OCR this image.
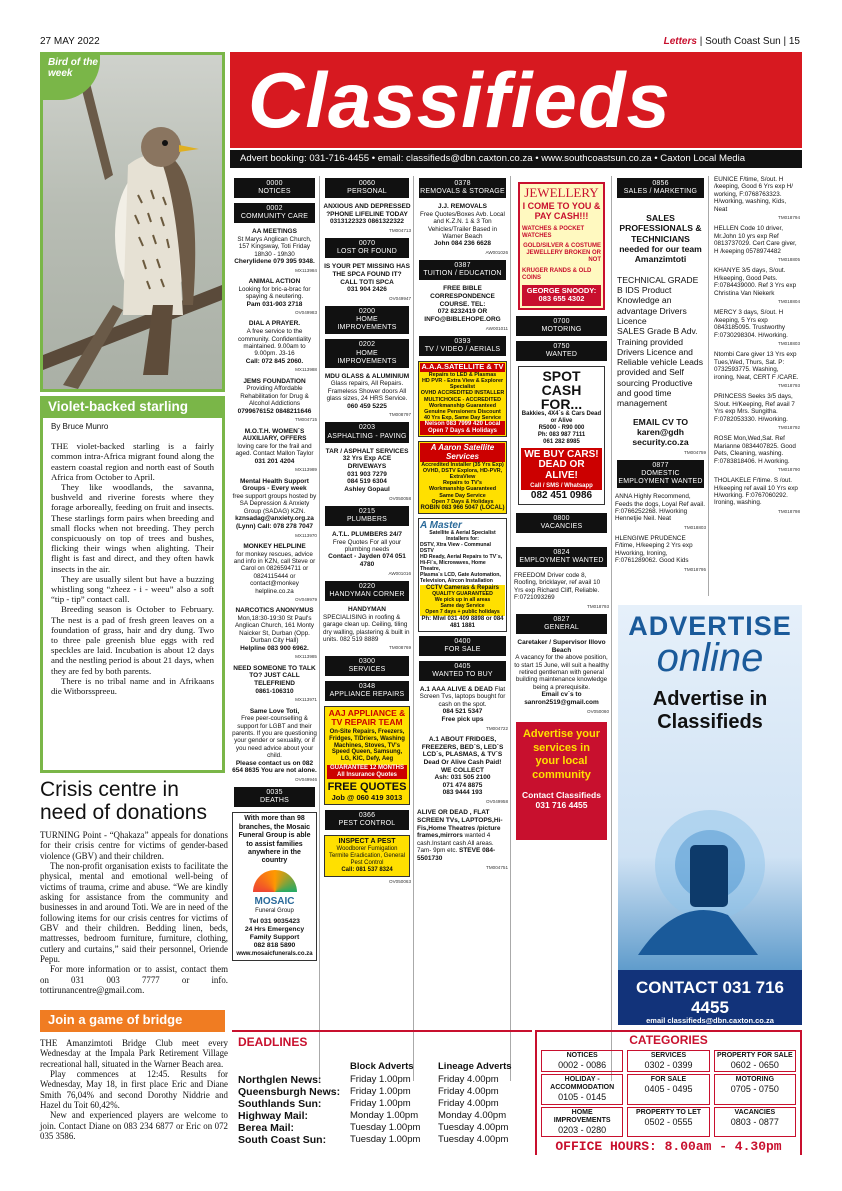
27 MAY 2022	Letters | South Coast Sun | 15
Bird of the week
Violet-backed starling
By Bruce Munro
THE violet-backed starling is a fairly common intra-Africa migrant found along the eastern coastal region and north east of South Africa from October to April.
They like woodlands, the savanna, bushveld and riverine forests where they forage arboreally, feeding on fruit and insects. These starlings form pairs when breeding and small flocks when not breeding. They perch conspicuously on top of trees and bushes, flicking their wings when alighting. Their flight is fast and direct, and they often hawk insects in the air.
They are usually silent but have a buzzing whistling song “zheez - i - weeu” also a soft “tip - tip” contact call.
Breeding season is October to February. The nest is a pad of fresh green leaves on a foundation of grass, hair and dry dung. Two to three pale greenish blue eggs with red speckles are laid. Incubation is about 12 days and the nestling period is about 21 days, when they are fed by both parents.
There is no tribal name and in Afrikaans die Witborsspreeu.
Crisis centre in need of donations
TURNING Point - “Qhakaza” appeals for donations for their crisis centre for victims of gender-based violence (GBV) and their children.
The non-profit organisation exists to facilitate the physical, mental and emotional well-being of victims of trauma, crime and abuse. “We are kindly asking for assistance from the community and businesses in and around Toti. We are in need of the following items for our crisis centres for victims of GBV and their children. Bedding linen, beds, mattresses, bedroom furniture, furniture, clothing, cutlery and curtains,” said their personnel, Oriende Pepu.
For more information or to assist, contact them on 031 003 7777 or info. tottirunancentre@gmail.com.
Join a game of bridge
THE Amanzimtoti Bridge Club meet every Wednesday at the Impala Park Retirement Village recreational hall, situated in the Warner Beach area.
Play commences at 12:45. Results for Wednesday, May 18, in first place Eric and Diane Smith 76,04% and second Dorothy Niddrie and Hazel du Toit 60,42%.
New and experienced players are welcome to join. Contact Diane on 083 234 6877 or Eric on 072 035 3586.
Classifieds
Advert booking: 031-716-4455 • email: classifieds@dbn.caxton.co.za • www.southcoastsun.co.za • Caxton Local Media
0000
NOTICES
0002
COMMUNITY CARE
AA MEETINGS
St Marys Anglican Church, 157 Kingsway, Toti Friday 18h30 - 19h30
Cherylidene 079 395 9348.
MX113984
ANIMAL ACTION
Looking for bric-a-brac for spaying & neutering.
Pam 031-903 2718
OV049983
DIAL A PRAYER.
A free service to the community. Confidentiality maintained. 9.00am to 9.00pm. J3-16
Call: 072 845 2060.
MX113988
JEMS FOUNDATION
Providing Affordable Rehabilitation for Drug & Alcohol Addictions
0799676152 0848211646
TM004715
M.O.T.H. WOMEN`S AUXILIARY, OFFERS
loving care for the frail and aged. Contact Mallon Taylor
031 201 4204
MX113989
Mental Health Support Groups - Every week
free support groups hosted by SA Depression & Anxiety Group (SADAG) KZN.
kznsadag@anxiety.org.za (Lynn) Call: 078 278 7047
MX113970
MONKEY HELPLINE
for monkey rescues, advice and info in KZN, call Steve or Carol on 0826594711 or 0824115444 or contact@monkey helpline.co.za
OV049979
NARCOTICS ANONYMUS
Mon,18:30-19:30 St Paul's Anglican Church, 161 Monty Naicker St, Durban (Opp. Durban City Hall)
Helpline 083 900 6962.
MX113985
NEED SOMEONE TO TALK TO? JUST CALL TELEFRIEND
0861-106310
MX113971
Same Love Toti,
Free peer-counselling & support for LGBT and their parents. If you are questioning your gender or sexuality, or if you need advice about your child.
Please contact us on 082 654 8635 You are not alone.
OV049946
0035
DEATHS
With more than 98 branches, the Mosaic Funeral Group is able to assist families anywhere in the country
MOSAIC
Funeral Group
Tel 031 9035423
24 Hrs Emergency Family Support
082 818 5890
www.mosaicfunerals.co.za
0060
PERSONAL
ANXIOUS AND DEPRESSED ?PHONE LIFELINE TODAY
0313122323 0861322322
TM004713
0070
LOST OR FOUND
IS YOUR PET MISSING HAS THE SPCA FOUND IT? CALL TOTI SPCA
031 904 2426
OV049947
0200
HOME IMPROVEMENTS
0202
HOME IMPROVEMENTS
MDU GLASS & ALUMINIUM
Glass repairs, All Repairs. Frameless Shower doors All glass sizes, 24 HRS Service. 060 459 5225
TM008797
0203
ASPHALTING - PAVING
TAR / ASPHALT SERVICES 32 Yrs Exp ACE DRIVEWAYS
031 903 7279
084 519 6304
Ashley Gopaul
OV050058
0215
PLUMBERS
A.T.L. PLUMBERS 24/7
Free Quotes For all your plumbing needs
Contact - Jayden 074 051 4780
AW001016
0220
HANDYMAN CORNER
HANDYMAN
SPECIALISING in roofing & garage clean up. Ceiling, tiling dry walling, plastering & built in units. 082 519 8889
TM008769
0300
SERVICES
0348
APPLIANCE REPAIRS
AAJ APPLIANCE & TV REPAIR TEAM
On-Site Repairs, Freezers, Fridges, T/Driers, Washing Machines, Stoves, TV's
Speed Queen, Samsung, LG, KIC, Defy, Aeg
GUARANTEE 12 MONTHS
All Insurance Quotes
FREE QUOTES
Job @ 060 419 3013
0366
PEST CONTROL
INSPECT A PEST
Woodborer Fumigation Termite Eradication, General Pest Control
Call: 081 537 8324
OV050063
0378
REMOVALS & STORAGE
J.J. REMOVALS
Free Quotes/Boxes Avb. Local and K.Z.N. 1 & 3 Ton Vehicles/Trailer Based in Warner Beach
John 084 236 6628
AW001026
0387
TUITION / EDUCATION
FREE BIBLE CORRESPONDENCE COURSE. TEL:
072 8232419 OR INFO@BIBLEHOPE.ORG
AW001011
0393
TV / VIDEO / AERIALS
A.A.A.SATELLITE & TV
Repairs to LED & Plasmas
HD PVR - Extra View & Explorer Specialist
OVHD ACCREDITED INSTALLER
MULTICHOICE - ACCREDITED
Workmanship Guaranteed
Genuine Pensioners Discount
40 Yrs Exp, Same Day Service
Nelson 083 7999 420 Local
Open 7 Days & Holidays
A Aaron Satellite Services
Accredited Installer (35 Yrs Exp)
OVHD, DSTV Explora, HD-PVR, ExtraView
Repairs to TV's
Workmanship Guaranteed
Same Day Service
Open 7 Days & Holidays
ROBIN 083 966 5047 (LOCAL)
A Master
Satellite & Aerial Specialist Installers for:
DSTV, Xtra View - Communal DSTV
HD Ready, Aerial Repairs to TV`s,
Hi-Fi`s, Microwaves, Home Theatre,
Plasma`s LCD, Gate Automation,
Television, Aircon Installation
CCTV Cameras & Repairs
QUALITY GUARANTEED
We pick up in all areas
Same day Service
Open 7 days + public holidays
Ph: Mlwl 031 409 8898 or 084 481 1881
0400
FOR SALE
0405
WANTED TO BUY
A.1 AAA ALIVE & DEAD Flat Screen Tvs, laptops bought for cash on the spot.
084 521 5347
Free pick ups
TM004722
A.1 ABOUT FRIDGES, FREEZERS, BED`S, LED`S LCD`s, PLASMAS, & TV`S
Dead Or Alive Cash Paid!
WE COLLECT
Ash: 031 505 2100
071 474 8875
083 9444 193
OV049958
ALIVE OR DEAD , FLAT SCREEN TVs, LAPTOPS,Hi-Fis,Home Theatres /picture frames,mirrors wanted 4 cash.Instant cash All areas. 7am- 9pm etc. STEVE 084- 5501730
TM004751
JEWELLERY
I COME TO YOU & PAY CASH!!!
WATCHES & POCKET WATCHES
GOLD/SILVER & COSTUME JEWELLERY BROKEN OR NOT
KRUGER RANDS & OLD COINS
GEORGE SNOODY: 083 655 4302
0700
MOTORING
0750
WANTED
SPOT CASH FOR...
Bakkies, 4X4`s & Cars Dead or Alive
R5000 - R90 000
Ph: 083 987 7111
061 282 8985
WE BUY CARS! DEAD OR ALIVE!
Call / SMS / Whatsapp
082 451 0986
0800
VACANCIES
0824
EMPLOYMENT WANTED
FREEDOM Driver code 8, Roofing, bricklayer, ref avail 10 Yrs exp Richard Cliff, Reliable. F:0721093269
TM018793
0827
GENERAL
Caretaker / Supervisor Illovo Beach
A vacancy for the above position, to start 15 June, will suit a healthy retired gentleman with general building maintenance knowledge being a prerequisite.
Email cv`s to sanron2519@gmail.com
OV050060
Advertise your services in your local community
Contact Classifieds
031 716 4455
0856
SALES / MARKETING
SALES PROFESSIONALS & TECHNICIANS needed for our team Amanzimtoti
TECHNICAL GRADE B IDS Product Knowledge an advantage Drivers Licence
SALES Grade B Adv. Training provided Drivers Licence and Reliable vehicle Leads provided and Self sourcing Productive and good time management
EMAIL CV TO karen@gdh security.co.za
TM004759
0877
DOMESTIC EMPLOYMENT WANTED
ANNA Highly Recommend, Feeds the dogs, Loyal Ref avail. F:0766252268. H/working Hennetjie Neil. Neat
TM018803
HLENGIWE PRUDENCE F/time, H/keeping 2 Yrs exp H/working, Ironing, F:0761289062. Good Kids
TM018795
EUNICE F/time, S/out. H /keeping, Good 6 Yrs exp H/ working, F:0768763323. H/working, washing, Kids, Neat
TM018794
HELLEN Code 10 driver, Mr.John 10 yrs exp Ref 0813737029. Cert Care giver, H /keeping 0578974482
TM018805
KHANYE 3/5 days, S/out. H/keeping, Good Pets. F:0784439000. Ref 3 Yrs exp Christina Van Niekerk
TM018804
MERCY 3 days, S/out. H /keeping, 5 Yrs exp 0843185095. Trustworthy F:0730298304. H/working.
TM018803
Ntombi Care giver 13 Yrs exp Tues,Wed, Thurs, Sat. P: 0732593775. Washing, ironing, Neat, CERT F /CARE.
TM018793
PRINCESS Seeks 3/5 days, S/out. H/Keeping, Ref avail 7 Yrs exp Mrs. Sungitha. F:0782053330. H/working.
TM018792
ROSE Mon,Wed,Sat. Ref Marianne 0834407825. Good Pets, Cleaning, washing. F:0783818406. H /working.
TM018790
THOLAKELE F/time. S /out. H/keeping ref avail 10 Yrs exp H/working. F:0767060292. Ironing, washing.
TM018798
ADVERTISE
online
Advertise in
Classifieds
CONTACT 031 716 4455
email classifieds@dbn.caxton.co.za
DEADLINES
Block Adverts	Lineage Adverts
Northglen News:	Friday 1.00pm	Friday 4.00pm
Queensburgh News:	Friday 1.00pm	Friday 4.00pm
Southlands Sun:	Friday 1.00pm	Friday 4.00pm
Highway Mail:	Monday 1.00pm	Monday 4.00pm
Berea Mail:	Tuesday 1.00pm	Tuesday 4.00pm
South Coast Sun:	Tuesday 1.00pm	Tuesday 4.00pm
CATEGORIES
NOTICES
0002 - 0086
SERVICES
0302 - 0399
PROPERTY FOR SALE
0602 - 0650
HOLIDAY - ACCOMMODATION
0105 - 0145
FOR SALE
0405 - 0495
MOTORING
0705 - 0750
HOME IMPROVEMENTS
0203 - 0280
PROPERTY TO LET
0502 - 0555
VACANCIES
0803 - 0877
OFFICE HOURS: 8.00am - 4.30pm
